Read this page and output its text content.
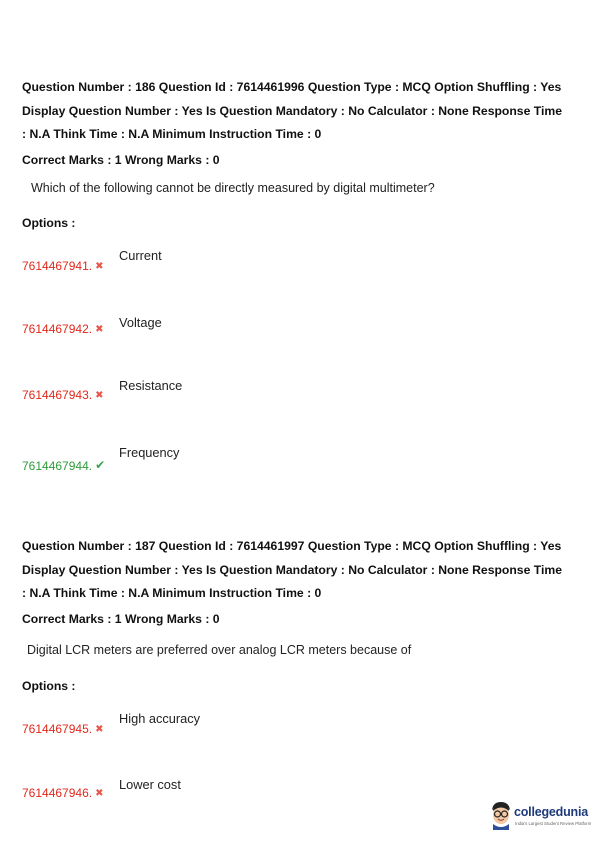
Question Number : 186 Question Id : 7614461996 Question Type : MCQ Option Shuffling : Yes
Display Question Number : Yes Is Question Mandatory : No Calculator : None Response Time
: N.A Think Time : N.A Minimum Instruction Time : 0
Correct Marks : 1 Wrong Marks : 0
Which of the following cannot be directly measured by digital multimeter?
Options :
7614467941. ✖
Current
7614467942. ✖ Voltage
7614467943. ✖
Resistance
7614467944. ✔
Frequency
Question Number : 187 Question Id : 7614461997 Question Type : MCQ Option Shuffling : Yes
Display Question Number : Yes Is Question Mandatory : No Calculator : None Response Time
: N.A Think Time : N.A Minimum Instruction Time : 0
Correct Marks : 1 Wrong Marks : 0
Digital LCR meters are preferred over analog LCR meters because of
Options :
7614467945. ✖
High accuracy
7614467946. ✖
Lower cost
collegedunia
India's Largest Student Review Platform
